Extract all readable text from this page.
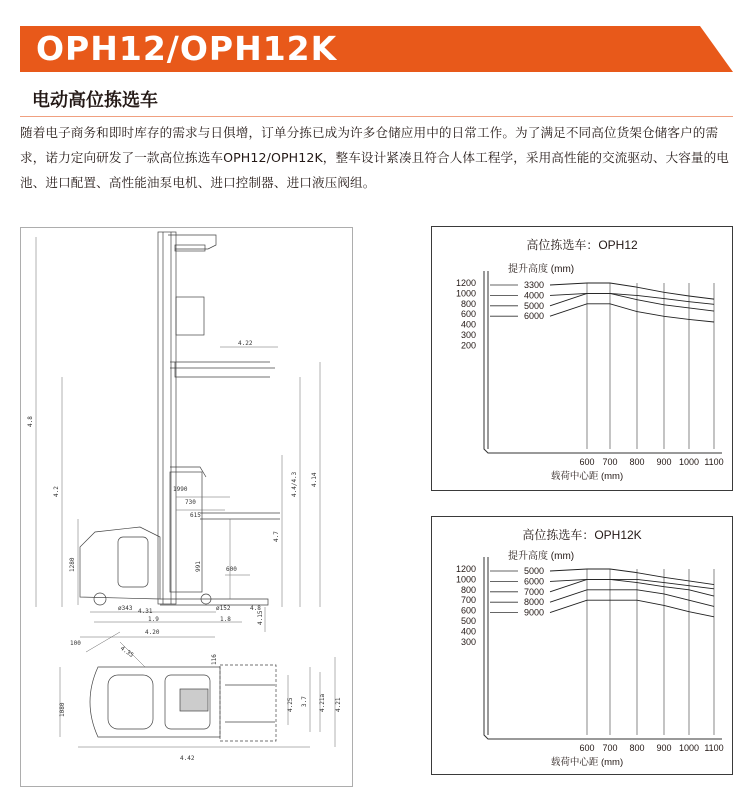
OPH12/OPH12K
电动高位拣选车
随着电子商务和即时库存的需求与日俱增，订单分拣已成为许多仓储应用中的日常工作。为了满足不同高位货架仓储客户的需求，诺力定向研发了一款高位拣选车OPH12/OPH12K，整车设计紧凑且符合人体工程学，采用高性能的交流驱动、大容量的电池、进口配置、高性能油泵电机、进口控制器、进口液压阀组。
4.8
4.2	4.4/4.3 4.14
4.7
1280	991
4.15
4.22
1990
730
615
600
ø343 4.31	ø152	4.8
1.9	1.8
4.20
100
4.35
116
1080	4.25 3.7 4.21a 4.21
4.42
高位拣选车：OPH12
提升高度 (mm)
载荷中心距 (mm)
1200
1000
800
600
400
300
200
600 700 800 900 1000 1100
3300
4000
5000
6000
高位拣选车：OPH12K
提升高度 (mm)
载荷中心距 (mm)
1200
1000
800
700
600
500
400
300
600 700 800 900 1000 1100
5000
6000
7000
8000
9000
